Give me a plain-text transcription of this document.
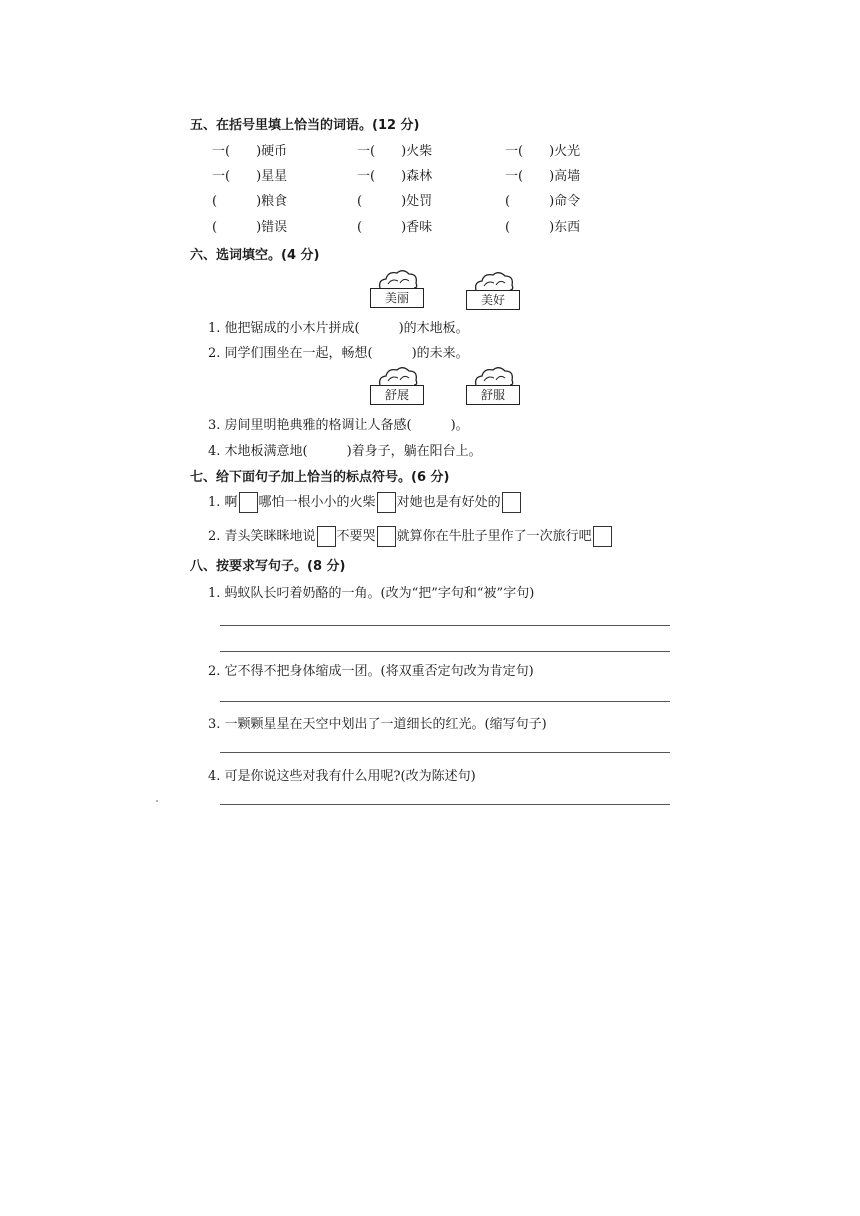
五、在括号里填上恰当的词语。(12 分)
一(　　)硬币	一(　　)火柴	一(　　)火光
一(　　)星星	一(　　)森林	一(　　)高墙
(　　　)粮食	(　　　)处罚	(　　　)命令
(　　　)错误	(　　　)香味	(　　　)东西
六、选词填空。(4 分)
美丽	美好
1. 他把锯成的小木片拼成(　　　)的木地板。
2. 同学们围坐在一起，畅想(　　　)的未来。
舒展	舒服
3. 房间里明艳典雅的格调让人备感(　　　)。
4. 木地板满意地(　　　)着身子，躺在阳台上。
七、给下面句子加上恰当的标点符号。(6 分)
1. 啊 哪怕一根小小的火柴 对她也是有好处的
2. 青头笑眯眯地说 不要哭 就算你在牛肚子里作了一次旅行吧
八、按要求写句子。(8 分)
1. 蚂蚁队长叼着奶酪的一角。(改为“把”字句和“被”字句)
2. 它不得不把身体缩成一团。(将双重否定句改为肯定句)
3. 一颗颗星星在天空中划出了一道细长的红光。(缩写句子)
4. 可是你说这些对我有什么用呢?(改为陈述句)
